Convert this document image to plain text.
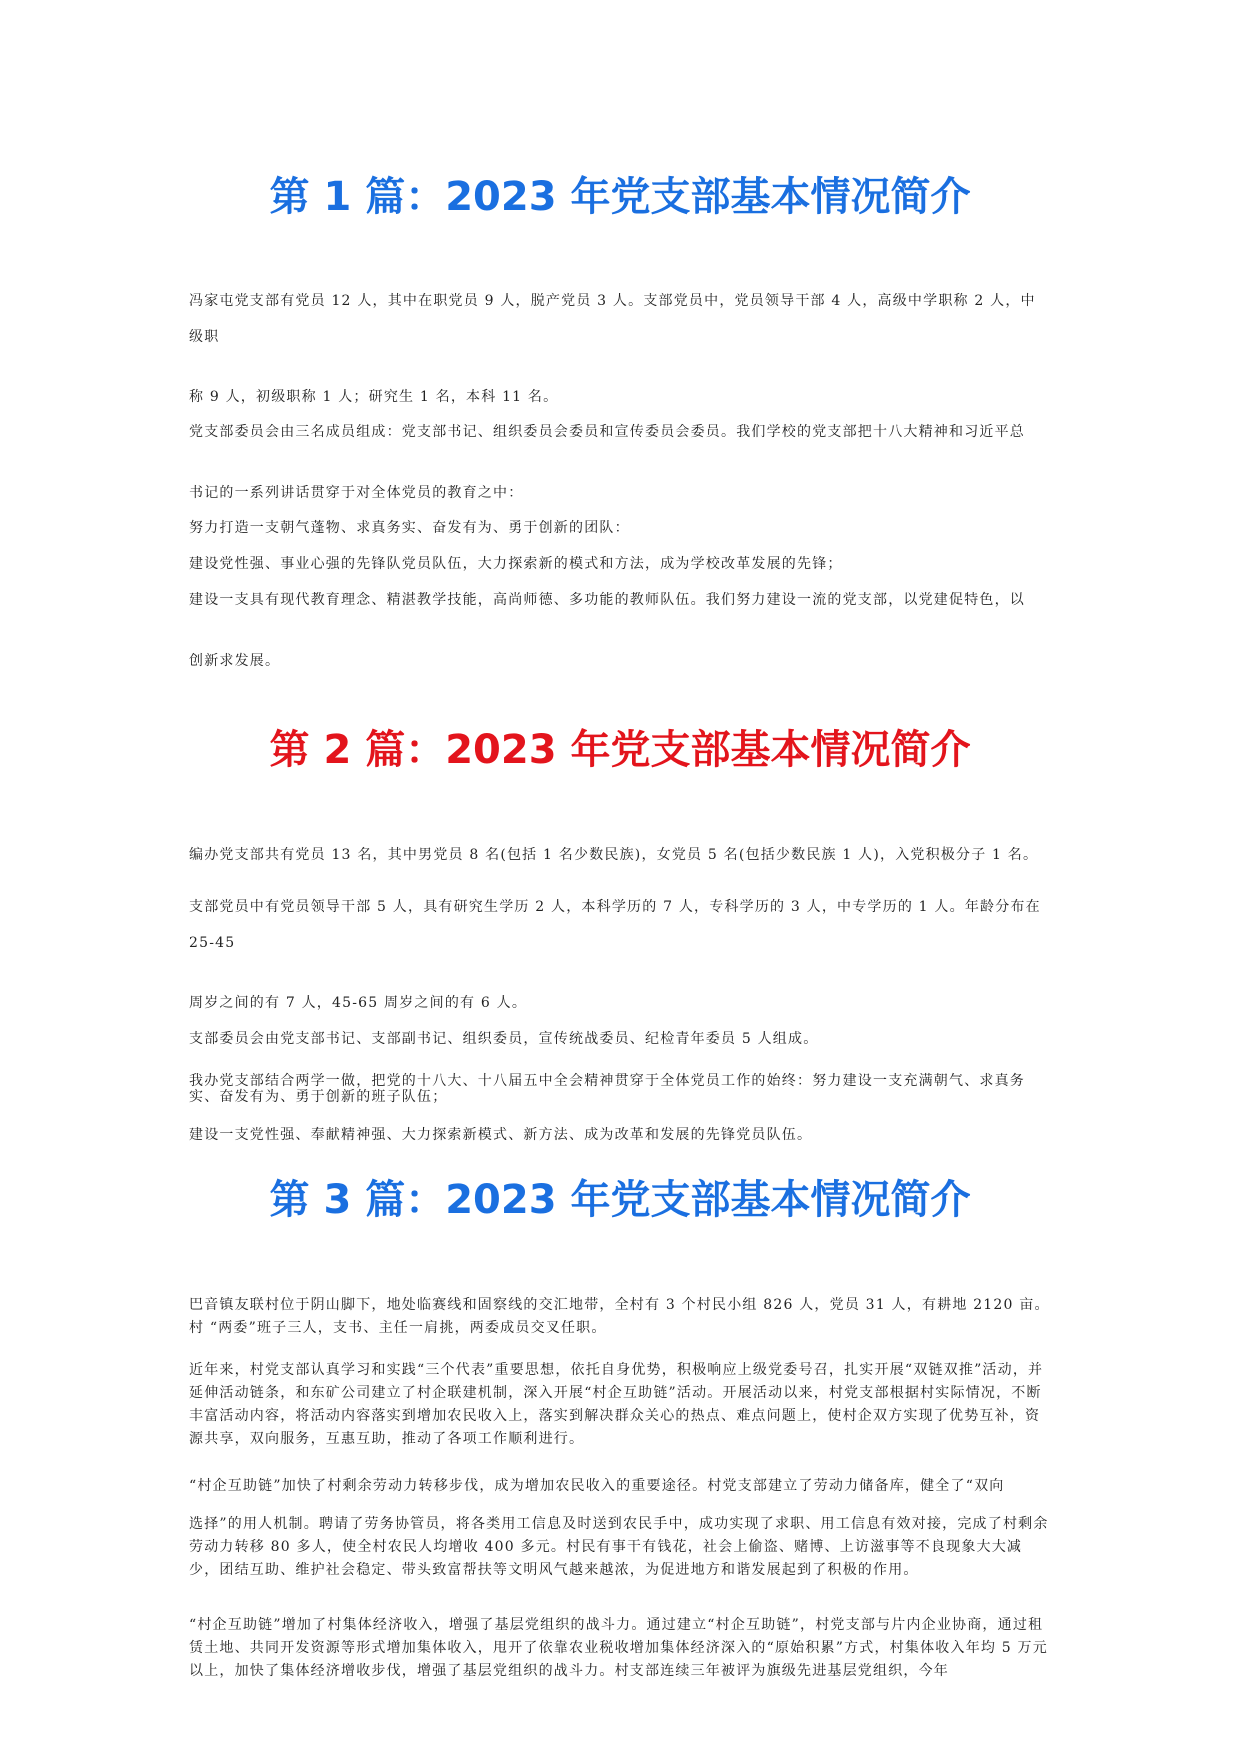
第 1 篇：2023 年党支部基本情况简介

冯家屯党支部有党员 12 人，其中在职党员 9 人，脱产党员 3 人。支部党员中，党员领导干部 4 人，高级中学职称 2 人，中

级职

称 9 人，初级职称 1 人；研究生 1 名，本科 11 名。

党支部委员会由三名成员组成：党支部书记、组织委员会委员和宣传委员会委员。我们学校的党支部把十八大精神和习近平总

书记的一系列讲话贯穿于对全体党员的教育之中：

努力打造一支朝气蓬物、求真务实、奋发有为、勇于创新的团队：

建设党性强、事业心强的先锋队党员队伍，大力探索新的模式和方法，成为学校改革发展的先锋；

建设一支具有现代教育理念、精湛教学技能，高尚师德、多功能的教师队伍。我们努力建设一流的党支部，以党建促特色，以

创新求发展。

第 2 篇：2023 年党支部基本情况简介

编办党支部共有党员 13 名，其中男党员 8 名(包括 1 名少数民族)，女党员 5 名(包括少数民族 1 人)，入党积极分子 1 名。

支部党员中有党员领导干部 5 人，具有研究生学历 2 人，本科学历的 7 人，专科学历的 3 人，中专学历的 1 人。年龄分布在

25-45

周岁之间的有 7 人，45-65 周岁之间的有 6 人。

支部委员会由党支部书记、支部副书记、组织委员，宣传统战委员、纪检青年委员 5 人组成。

我办党支部结合两学一做，把党的十八大、十八届五中全会精神贯穿于全体党员工作的始终：努力建设一支充满朝气、求真务实、奋发有为、勇于创新的班子队伍；

建设一支党性强、奉献精神强、大力探索新模式、新方法、成为改革和发展的先锋党员队伍。

第 3 篇：2023 年党支部基本情况简介

巴音镇友联村位于阴山脚下，地处临赛线和固察线的交汇地带，全村有 3 个村民小组 826 人，党员 31 人，有耕地 2120 亩。村 “两委”班子三人，支书、主任一肩挑，两委成员交叉任职。

近年来，村党支部认真学习和实践“三个代表”重要思想，依托自身优势，积极响应上级党委号召，扎实开展“双链双推”活动，并延伸活动链条，和东矿公司建立了村企联建机制，深入开展“村企互助链”活动。开展活动以来，村党支部根据村实际情况，不断丰富活动内容，将活动内容落实到增加农民收入上，落实到解决群众关心的热点、难点问题上，使村企双方实现了优势互补，资源共享，双向服务，互惠互助，推动了各项工作顺利进行。

“村企互助链”加快了村剩余劳动力转移步伐，成为增加农民收入的重要途径。村党支部建立了劳动力储备库，健全了“双向

选择”的用人机制。聘请了劳务协管员，将各类用工信息及时送到农民手中，成功实现了求职、用工信息有效对接，完成了村剩余劳动力转移 80 多人，使全村农民人均增收 400 多元。村民有事干有钱花，社会上偷盗、赌博、上访滋事等不良现象大大减 少，团结互助、维护社会稳定、带头致富帮扶等文明风气越来越浓，为促进地方和谐发展起到了积极的作用。

“村企互助链”增加了村集体经济收入，增强了基层党组织的战斗力。通过建立“村企互助链”，村党支部与片内企业协商，通过租赁土地、共同开发资源等形式增加集体收入，甩开了依靠农业税收增加集体经济深入的“原始积累”方式，村集体收入年均 5 万元以上，加快了集体经济增收步伐，增强了基层党组织的战斗力。村支部连续三年被评为旗级先进基层党组织，今年
